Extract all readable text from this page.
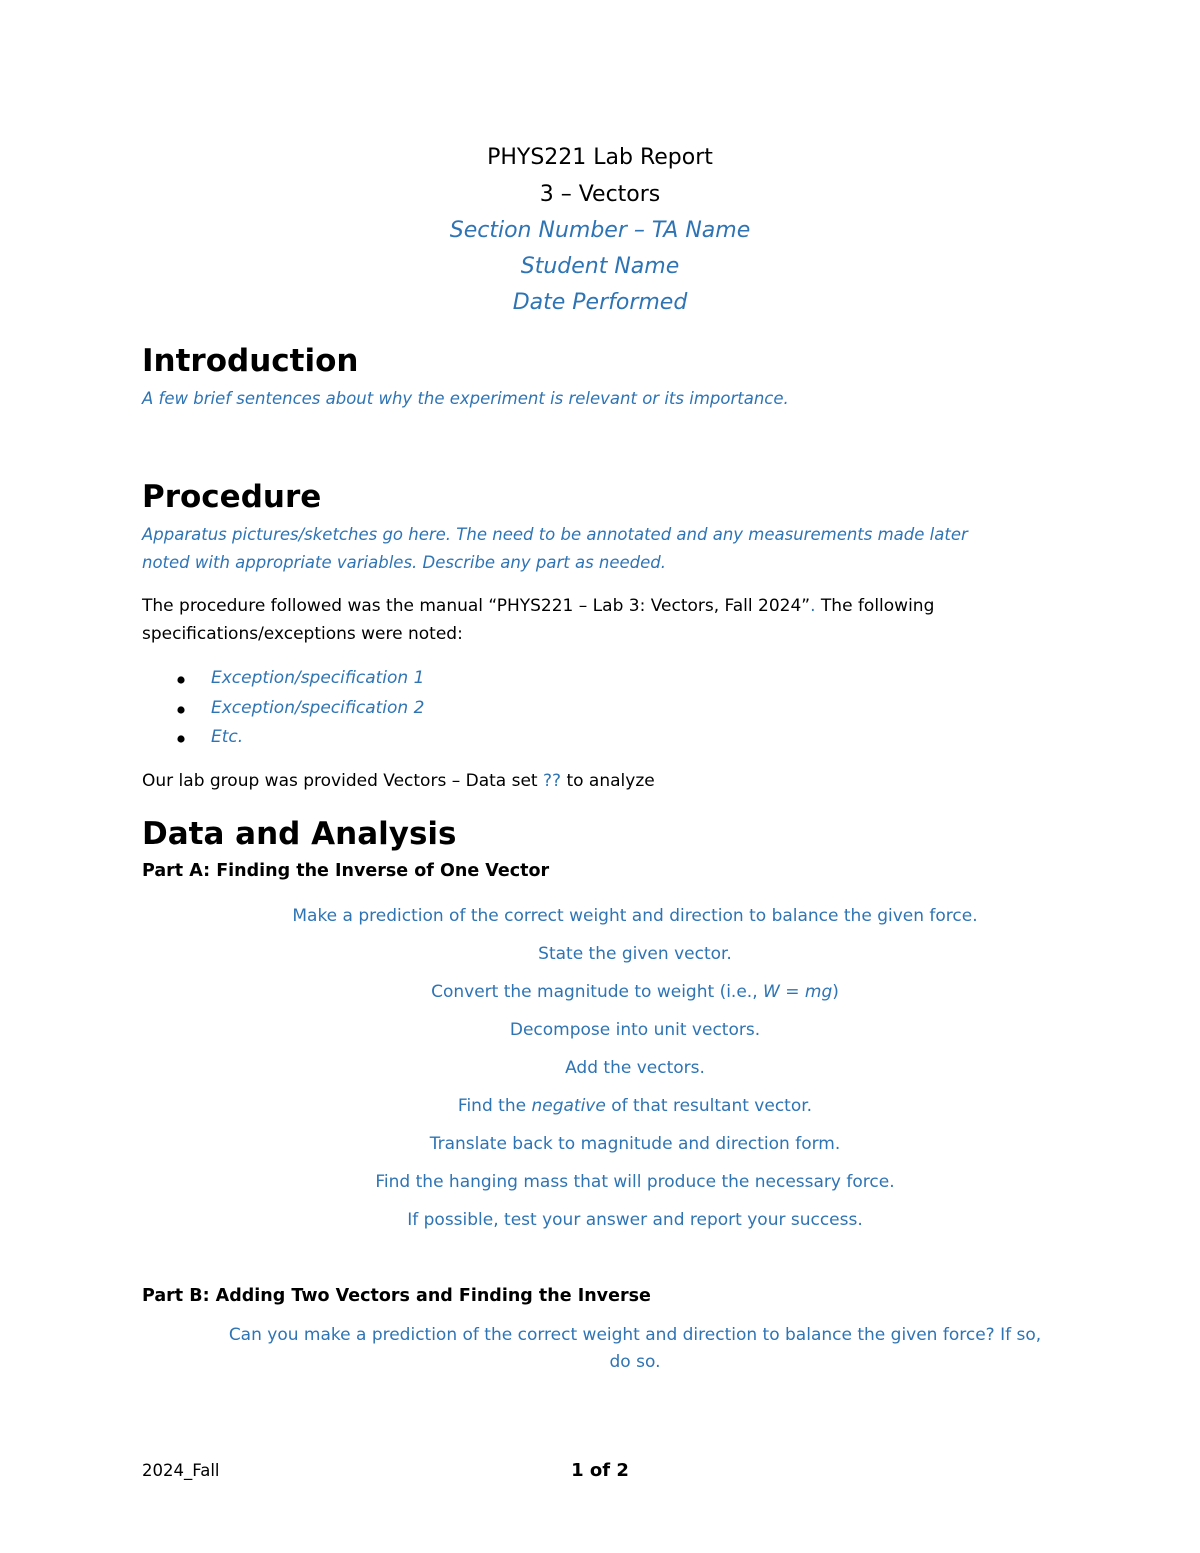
PHYS221 Lab Report
3 – Vectors
Section Number – TA Name
Student Name
Date Performed
Introduction
A few brief sentences about why the experiment is relevant or its importance.
Procedure
Apparatus pictures/sketches go here. The need to be annotated and any measurements made later
noted with appropriate variables. Describe any part as needed.
The procedure followed was the manual “PHYS221 – Lab 3: Vectors, Fall 2024”. The following
specifications/exceptions were noted:
Exception/specification 1
Exception/specification 2
Etc.
Our lab group was provided Vectors – Data set ?? to analyze
Data and Analysis
Part A: Finding the Inverse of One Vector
Make a prediction of the correct weight and direction to balance the given force.
State the given vector.
Convert the magnitude to weight (i.e., W = mg)
Decompose into unit vectors.
Add the vectors.
Find the negative of that resultant vector.
Translate back to magnitude and direction form.
Find the hanging mass that will produce the necessary force.
If possible, test your answer and report your success.
Part B: Adding Two Vectors and Finding the Inverse
Can you make a prediction of the correct weight and direction to balance the given force? If so,
do so.
2024_Fall	1 of 2
